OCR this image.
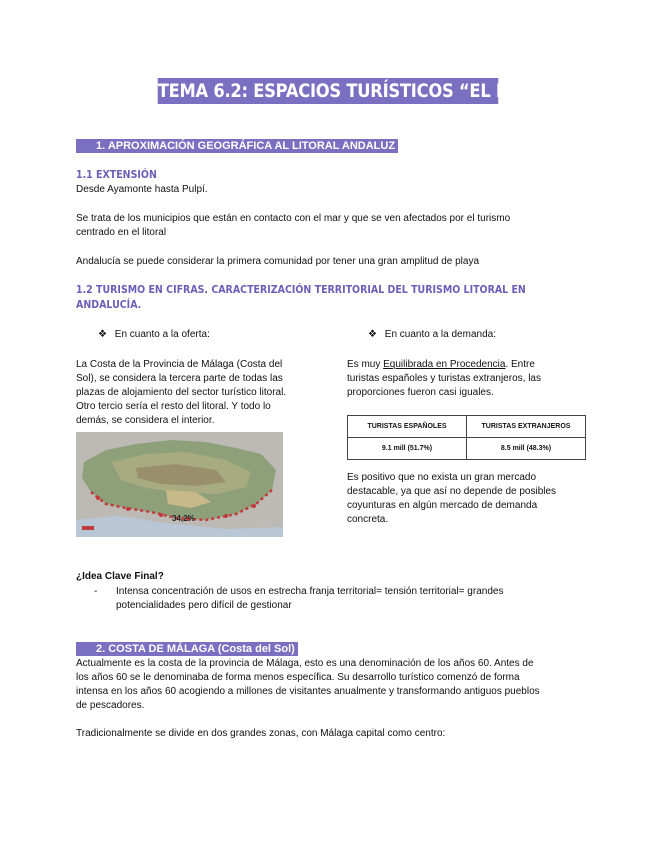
TEMA 6.2: ESPACIOS TURÍSTICOS “EL LITORAL”
1. APROXIMACIÓN GEOGRÁFICA AL LITORAL ANDALUZ
1.1 EXTENSIÓN
Desde Ayamonte hasta Pulpí.
Se trata de los municipios que están en contacto con el mar y que se ven afectados por el turismo
centrado en el litoral
Andalucía se puede considerar la primera comunidad por tener una gran amplitud de playa
1.2 TURISMO EN CIFRAS. CARACTERIZACIÓN TERRITORIAL DEL TURISMO LITORAL EN
ANDALUCÍA.
❖ En cuanto a la oferta:	❖ En cuanto a la demanda:
La Costa de la Provincia de Málaga (Costa del
Sol), se considera la tercera parte de todas las
plazas de alojamiento del sector turístico litoral.
Otro tercio sería el resto del litoral. Y todo lo
demás, se considera el interior.
34,2%
Es muy Equilibrada en Procedencia. Entre
turistas españoles y turistas extranjeros, las
proporciones fueron casi iguales.
TURISTAS ESPAÑOLES	TURISTAS EXTRANJEROS
9.1 mill (51.7%)	8.5 mill (48.3%)
Es positivo que no exista un gran mercado
destacable, ya que así no depende de posibles
coyunturas en algún mercado de demanda
concreta.
¿Idea Clave Final?
- Intensa concentración de usos en estrecha franja territorial= tensión territorial= grandes
potencialidades pero difícil de gestionar
2. COSTA DE MÁLAGA (Costa del Sol)
Actualmente es la costa de la provincia de Málaga, esto es una denominación de los años 60. Antes de
los años 60 se le denominaba de forma menos específica. Su desarrollo turístico comenzó de forma
intensa en los años 60 acogiendo a millones de visitantes anualmente y transformando antiguos pueblos
de pescadores.
Tradicionalmente se divide en dos grandes zonas, con Málaga capital como centro:
